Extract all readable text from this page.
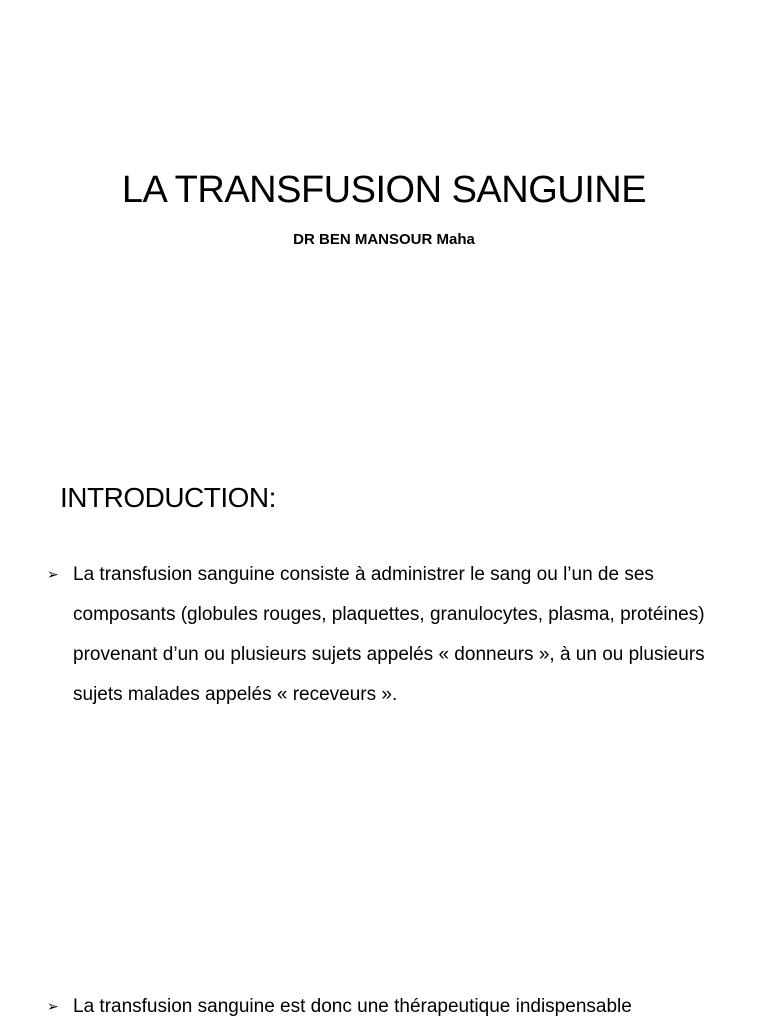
LA TRANSFUSION SANGUINE
DR BEN MANSOUR Maha
INTRODUCTION:

➢ La transfusion sanguine consiste à administrer le sang ou l’un de ses composants (globules rouges, plaquettes, granulocytes, plasma, protéines) provenant d’un ou plusieurs sujets appelés « donneurs », à un ou plusieurs sujets malades appelés « receveurs ».

➢ La transfusion sanguine est donc une thérapeutique indispensable
